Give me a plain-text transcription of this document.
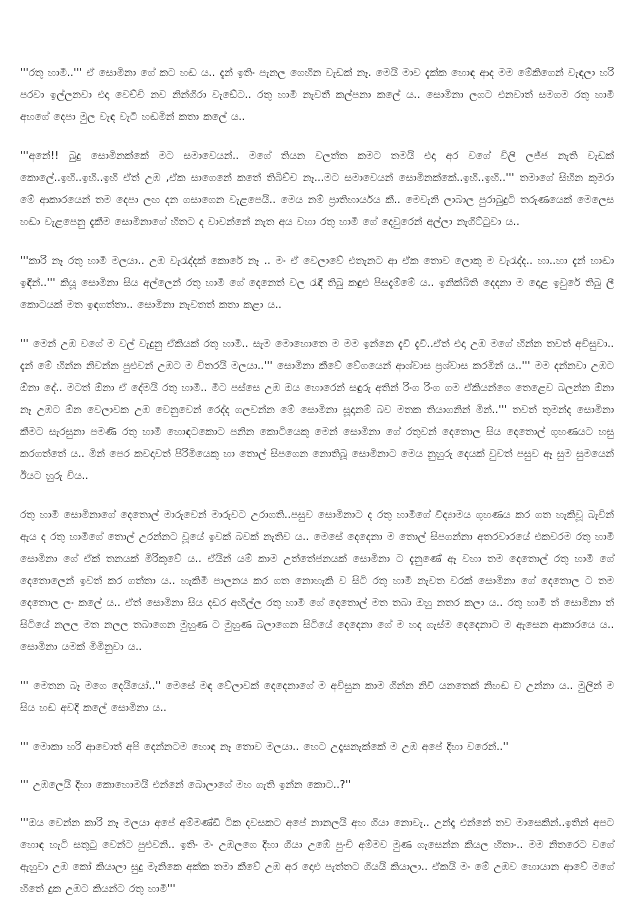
'''රතු හාමී..''' ඒ සොමිනා ගේ කට හඬ ය.. දැන් ඉතිං පැනල ගෙහින වැඩක් නෑ. මෙයි මාව දැක්ක හොඳ ආද මම මේකිගෙන් වැඳලා හරි පරවා ඉල්ලනවා එදා වෙච්චි නව නින්ගිරා වැඩේට.. රතු හාමී නැවතී කල්පනා කලේ ය.. සොමිනා ලගට එනවාත් සමගම රතු හාමී අහගේ දෙපා මුල වැඳ වැටී හඬමින් කතා කලේ ය..

'''අනේ!! බුදු සොමිනක්කේ මට සමාවෙයන්.. මගේ තියන වලත්ත කමට තමයි එදා අර වගේ විලි ලජ්ජ නැති වැඩක් කොලේ..ඉහි..ඉහි..ඉහි ඒත් උඹ ,ඒක සාගෙනේ කතේ තිබිච්ච නෑ...මට සමාවෙයන් සොමිනක්කේ..ඉහි..ඉහි..''' තමාගේ සිහින කුමරා මේ ආකාරයෙන් තම දෙපා ලඟ දන ගසාගෙන වැළපෙයි.. මෙය නම් ප්‍රාතිහාර්යය කී.. මෙවැනි ලාබාල පුරාබුදුටි තරුණයෙක් මෙලෙස හඬා වැළපෙනු දැකීම සොමිනාගේ හිතට ද වාවන්නේ නැත අය වහා රතු හාමී ගේ දෙවුරෙන් අල්ලා නැගිට්ටුවා ය..

'''කාරි නෑ රතු හාමී මලයා.. උඹ වැරැද්දක් කොරේ නෑ .. මං ඒ වෙලාවේ එතැනට ආ ඒක තොව ලොකු ම වැරැද්ද.. හා..හා දැන් හාඬා ඉඳින්..''' කියූ සොමිනා සිය අල්ලෙන් රතු හාමී ගේ දෙනෙත් වල රැඳී තිබු කඳුළු පිසදැම්මේ ය.. ඉනික්බිති දෙදනා ම දොළ ඉවුරේ තිබු ලී කොටයක් මත ඉඳගත්තා.. සොමිනා නැවතත් කතා කළා ය..

''' මෙන් උඹ වගේ ම වල් වැදුනු ඒකියක් රතු හාමී.. සැම මොහොතෙ ම මම ඉන්නෙ දැවී දැවී..ඒත් එදා උඹ මගේ හින්න තවත් අවිසුවා.. දැන් මේ හින්න නිවන්න පුළුවන් උඹට ම විතරයි මලයා..''' සොමිනා කීවේ වේගයෙන් ආශ්වාස ප්‍රශ්වාස කරමින් ය..''' මම දන්නවා උඹට ඕනා දේ.. මටත් ඕනා ඒ දේමයි රතු හාමී.. මීට පස්සෙ උඹ ඔය හොරෙන් සඳුරු අතින් රිංග රිංග ගම ඒකියන්ගෙ තෙළෙව බලන්න ඕනා නෑ උඹට ඕන වෙලාවක උඹ වෙනුවෙන් රෙද්ද ගලවන්න මේ සොමිනා සූදානම් බව මතක තියාගනින් මින්..''' තවත් තුමන්ද සොමිනා කීමට සැරසුනා පමණි රතු හාමී හොඳටකොට පනින කොටියෙකු මෙන් සොමිනා ගේ රතුවන් දෙතොල සිය දෙතොල් ගුහණයට හසු කරගත්තේ ය.. මින් පෙර කවදාවත් පිරිමියෙකු හා තොල් සිපගෙන නොතිබූ සොමිනාට මෙය නුහුරු දෙයක් වුවත් පසුව ඈ සුම සුමයෙන් ඊයට හුරු විය..

රතු හාමී සොමිනාගේ දෙතොල් මාරුවෙන් මාරුවට උරාගති..පසුව සොමිනාට ද රතු හාමීගේ වීද්‍යාමය ගුහණය කර ගත හැකිවූ බැවින් ඇය ද රතු හාමීගේ තොල් උරන්නට වූයේ ඉවක් බවක් නැතිව ය.. මෙසේ දෙදෙනා ම තොල් සිපගන්නා අතරවාරයේ එකවරම රතු හාමී සොමිනා ගේ ඒක් තනයක් මිරිකුවේ ය.. ඒයින් යම් කාම උත්තේජනයක් සොමිනා ට දැනුණේ ඈ වහා තම දෙතොල් රතු හාමී ගේ දෙතොලෙන් ඉවත් කර ගත්තා ය.. හැකිමී පාලනය කර ගත නොහැකි ව සිටි රතු හාමී නැවත වරක් සොමිනා ගේ දෙතොල ට තම දෙතොල ලං කලේ ය.. ඒත් සොමිනා සිය දඩර අඟිල්ල රතු හාමී ගේ දෙතොල් මත තබා ඔහු නතර කලා ය.. රතු හාමී ත් සොමිනා ත් සිටියේ නලල මත නලල තබාගෙන මුහුණ ට මුහුණ බලාගෙන සිටියේ දෙදෙනා ගේ ම හද ගැස්ම දෙදෙනාට ම ඇසෙන ආකාරයෙ ය.. සොමිනා යමක් මිමිනුවා ය..

''' මෙතන බෑ මගෙ දෙයියෝ..'' මෙසේ මඳ වේලාවක් දෙදෙනාගේ ම අවිසුන කාම ගින්න නිවී යනතෙක් නිහඬ ව උන්නා ය.. මුලින් ම සිය හඬ අවදි කලේ සොමිනා ය..

''' මොකා හරි ආවොත් අපි දෙන්නටම හොඳ නෑ තොව මලයා.. හෙට උදෑසනැක්කේ ම උඹ අපේ දිහා වරෙන්..''

''' උඹලෙයි දිහා කොහොමයි එන්නේ බොලාගේ මහ ගැති ඉන්න කොට..?''

'''ඔය වෙන්න කාරි නෑ මලයා අපේ අම්මණ්ඩී ටික දවසකට අපේ නානලයි අහ ගියා නොවැ.. උන්දෑ එන්නේ තව මාසෙකින්..ඉතින් අපට හොඳ හැටි සතුටු වෙන්ට පුළුවනි.. ඉතිං මං උඹලගෙ දිහා ගියා උඹේ පුංචි අම්මව මුණ ගැසෙන්න කියල හිතාං.. මම නිතරෙට වගේ ඇහුවා උඹ කෝ කියාලා සුදු මැනිකෙ අක්ක තමා කීවේ උඹ අර දොළු පැත්තට ගියයි කියාලා.. ඒකයි මං මේ උඹව හොයාන ආවේ මගේ හිතේ දුක උඹට කියන්ට රතු හාමී'''
